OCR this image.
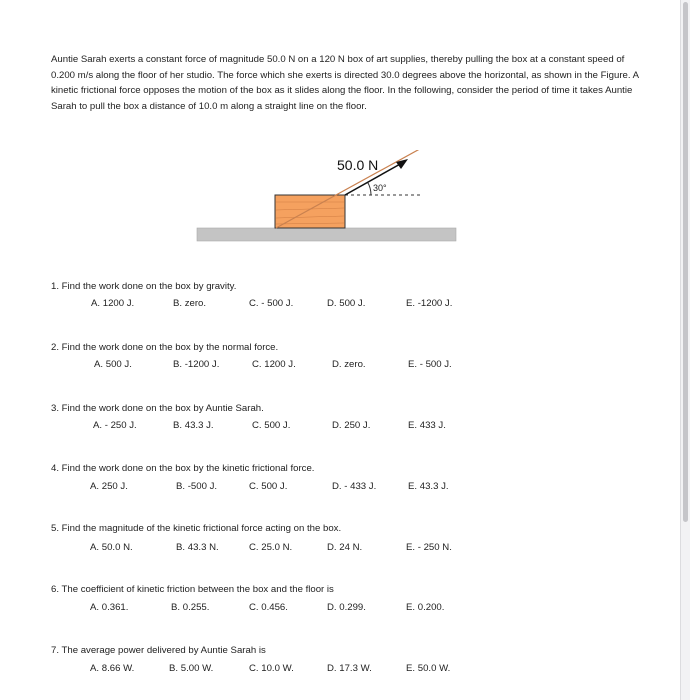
Auntie Sarah exerts a constant force of magnitude 50.0 N on a 120 N box of art supplies, thereby pulling the box at a constant speed of 0.200 m/s along the floor of her studio. The force which she exerts is directed 30.0 degrees above the horizontal, as shown in the Figure. A kinetic frictional force opposes the motion of the box as it slides along the floor. In the following, consider the period of time it takes Auntie Sarah to pull the box a distance of 10.0 m along a straight line on the floor.

30°
50.0 N

1. Find the work done on the box by gravity.

A. 1200 J.	B. zero.	C. - 500 J.	D. 500 J.	E. -1200 J.

2. Find the work done on the box by the normal force.

A. 500 J.	B. -1200 J.	C. 1200 J.	D. zero.	E. - 500 J.

3. Find the work done on the box by Auntie Sarah.

A. - 250 J.	B. 43.3 J.	C. 500 J.	D. 250 J.	E. 433 J.

4. Find the work done on the box by the kinetic frictional force.

A. 250 J.	B. -500 J.	C. 500 J.	D. - 433 J.	E. 43.3 J.

5. Find the magnitude of the kinetic frictional force acting on the box.

A. 50.0 N.	B. 43.3 N.	C. 25.0 N.	D. 24 N.	E. - 250 N.

6. The coefficient of kinetic friction between the box and the floor is

A. 0.361.	B. 0.255.	C. 0.456.	D. 0.299.	E. 0.200.

7. The average power delivered by Auntie Sarah is

A. 8.66 W.	B. 5.00 W.	C. 10.0 W.	D. 17.3 W.	E. 50.0 W.
